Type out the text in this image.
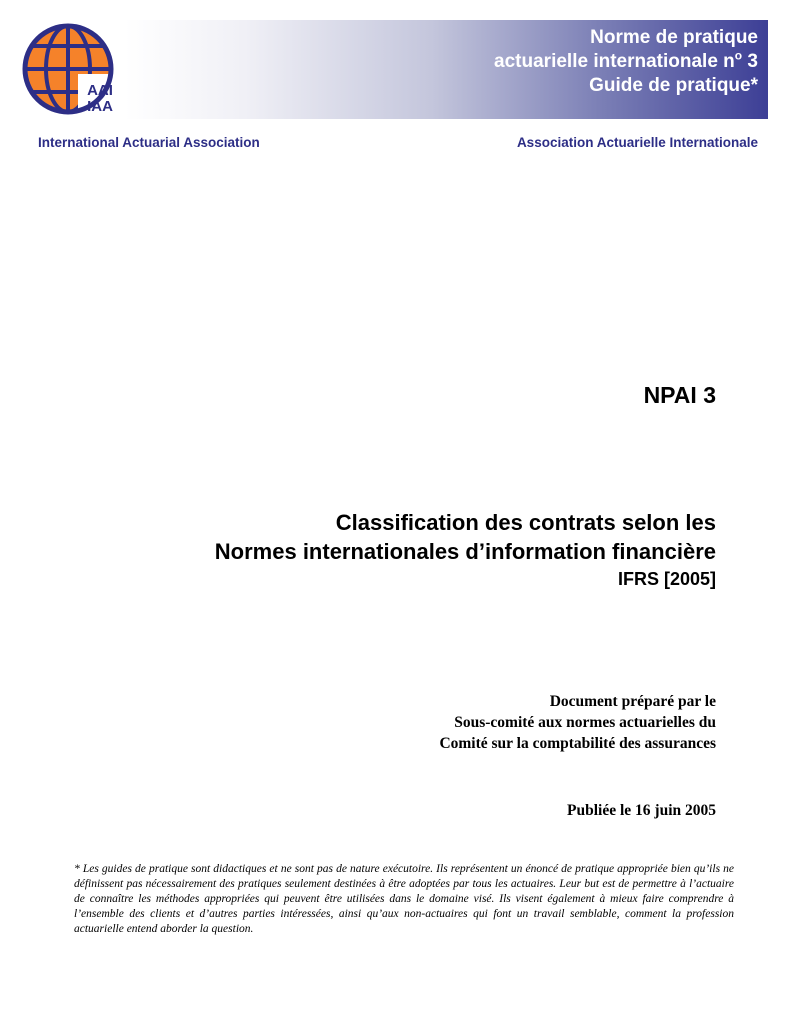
AAI
IAA
Norme de pratique
actuarielle internationale $n^o$ 3
Guide de pratique*
International Actuarial Association	Association Actuarielle Internationale
NPAI 3
Classification des contrats selon les
Normes internationales d’information financière
IFRS [2005]
Document préparé par le
Sous-comité aux normes actuarielles du
Comité sur la comptabilité des assurances
Publiée le 16 juin 2005
* Les guides de pratique sont didactiques et ne sont pas de nature exécutoire. Ils représentent un énoncé de pratique appropriée bien qu’ils ne définissent pas nécessairement des pratiques seulement destinées à être adoptées par tous les actuaires. Leur but est de permettre à l’actuaire de connaître les méthodes appropriées qui peuvent être utilisées dans le domaine visé. Ils visent également à mieux faire comprendre à l’ensemble des clients et d’autres parties intéressées, ainsi qu’aux non-actuaires qui font un travail semblable, comment la profession actuarielle entend aborder la question.
